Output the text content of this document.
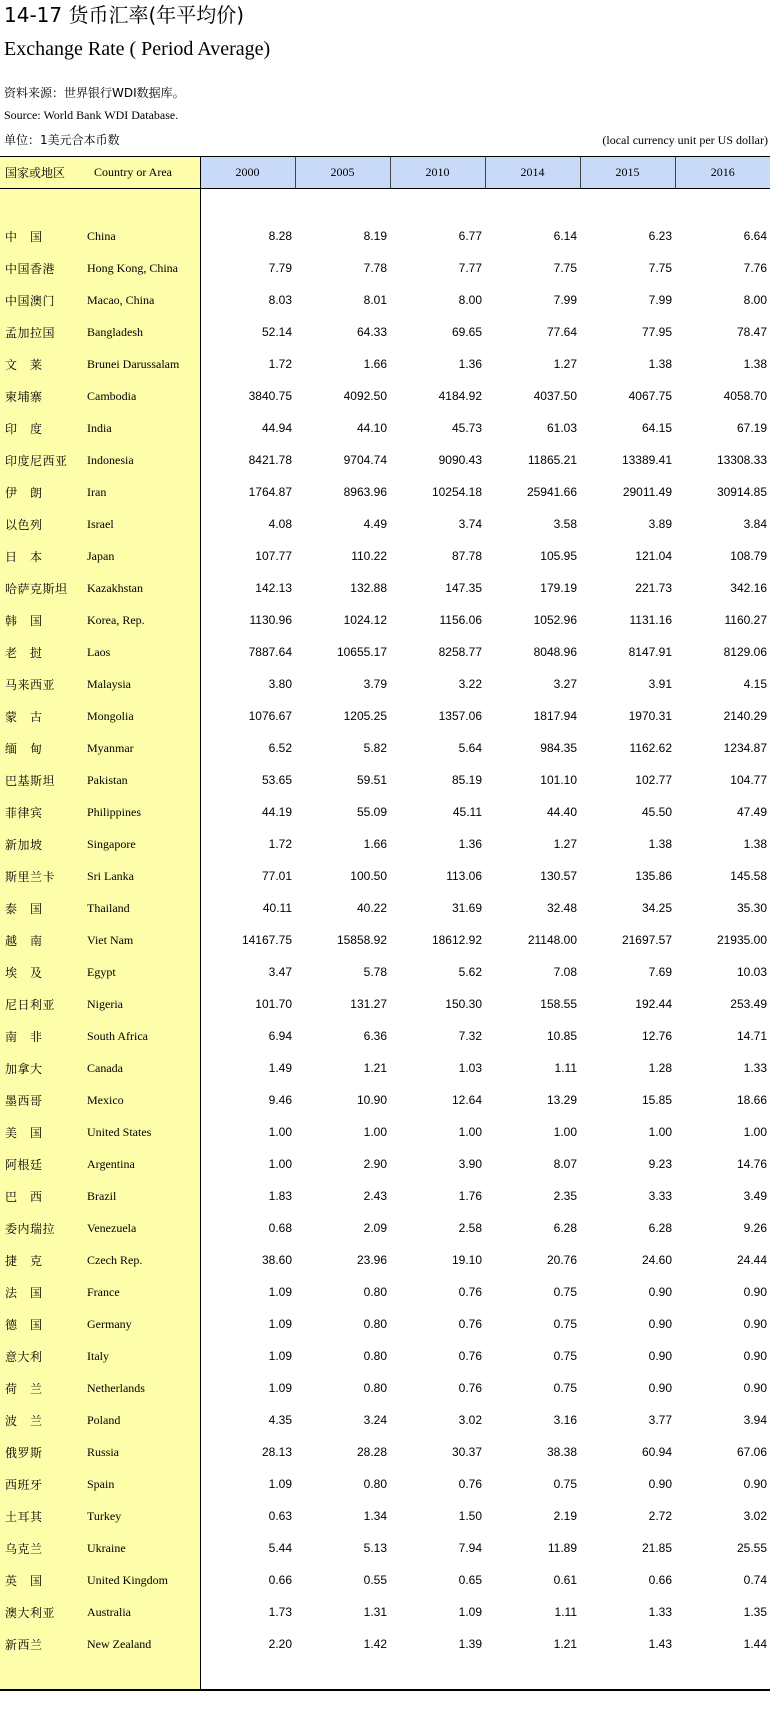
14-17 货币汇率(年平均价)
Exchange Rate ( Period Average)
资料来源：世界银行WDI数据库。
Source: World Bank WDI Database.
单位：1美元合本币数	(local currency unit per US dollar)
国家或地区	Country or Area	2000	2005	2010	2014	2015	2016

中　国	China	8.28	8.19	6.77	6.14	6.23	6.64
中国香港	Hong Kong, China	7.79	7.78	7.77	7.75	7.75	7.76
中国澳门	Macao, China	8.03	8.01	8.00	7.99	7.99	8.00
孟加拉国	Bangladesh	52.14	64.33	69.65	77.64	77.95	78.47
文　莱	Brunei Darussalam	1.72	1.66	1.36	1.27	1.38	1.38
柬埔寨	Cambodia	3840.75	4092.50	4184.92	4037.50	4067.75	4058.70
印　度	India	44.94	44.10	45.73	61.03	64.15	67.19
印度尼西亚	Indonesia	8421.78	9704.74	9090.43	11865.21	13389.41	13308.33
伊　朗	Iran	1764.87	8963.96	10254.18	25941.66	29011.49	30914.85
以色列	Israel	4.08	4.49	3.74	3.58	3.89	3.84
日　本	Japan	107.77	110.22	87.78	105.95	121.04	108.79
哈萨克斯坦	Kazakhstan	142.13	132.88	147.35	179.19	221.73	342.16
韩　国	Korea, Rep.	1130.96	1024.12	1156.06	1052.96	1131.16	1160.27
老　挝	Laos	7887.64	10655.17	8258.77	8048.96	8147.91	8129.06
马来西亚	Malaysia	3.80	3.79	3.22	3.27	3.91	4.15
蒙　古	Mongolia	1076.67	1205.25	1357.06	1817.94	1970.31	2140.29
缅　甸	Myanmar	6.52	5.82	5.64	984.35	1162.62	1234.87
巴基斯坦	Pakistan	53.65	59.51	85.19	101.10	102.77	104.77
菲律宾	Philippines	44.19	55.09	45.11	44.40	45.50	47.49
新加坡	Singapore	1.72	1.66	1.36	1.27	1.38	1.38
斯里兰卡	Sri Lanka	77.01	100.50	113.06	130.57	135.86	145.58
泰　国	Thailand	40.11	40.22	31.69	32.48	34.25	35.30
越　南	Viet Nam	14167.75	15858.92	18612.92	21148.00	21697.57	21935.00
埃　及	Egypt	3.47	5.78	5.62	7.08	7.69	10.03
尼日利亚	Nigeria	101.70	131.27	150.30	158.55	192.44	253.49
南　非	South Africa	6.94	6.36	7.32	10.85	12.76	14.71
加拿大	Canada	1.49	1.21	1.03	1.11	1.28	1.33
墨西哥	Mexico	9.46	10.90	12.64	13.29	15.85	18.66
美　国	United States	1.00	1.00	1.00	1.00	1.00	1.00
阿根廷	Argentina	1.00	2.90	3.90	8.07	9.23	14.76
巴　西	Brazil	1.83	2.43	1.76	2.35	3.33	3.49
委内瑞拉	Venezuela	0.68	2.09	2.58	6.28	6.28	9.26
捷　克	Czech Rep.	38.60	23.96	19.10	20.76	24.60	24.44
法　国	France	1.09	0.80	0.76	0.75	0.90	0.90
德　国	Germany	1.09	0.80	0.76	0.75	0.90	0.90
意大利	Italy	1.09	0.80	0.76	0.75	0.90	0.90
荷　兰	Netherlands	1.09	0.80	0.76	0.75	0.90	0.90
波　兰	Poland	4.35	3.24	3.02	3.16	3.77	3.94
俄罗斯	Russia	28.13	28.28	30.37	38.38	60.94	67.06
西班牙	Spain	1.09	0.80	0.76	0.75	0.90	0.90
土耳其	Turkey	0.63	1.34	1.50	2.19	2.72	3.02
乌克兰	Ukraine	5.44	5.13	7.94	11.89	21.85	25.55
英　国	United Kingdom	0.66	0.55	0.65	0.61	0.66	0.74
澳大利亚	Australia	1.73	1.31	1.09	1.11	1.33	1.35
新西兰	New Zealand	2.20	1.42	1.39	1.21	1.43	1.44
